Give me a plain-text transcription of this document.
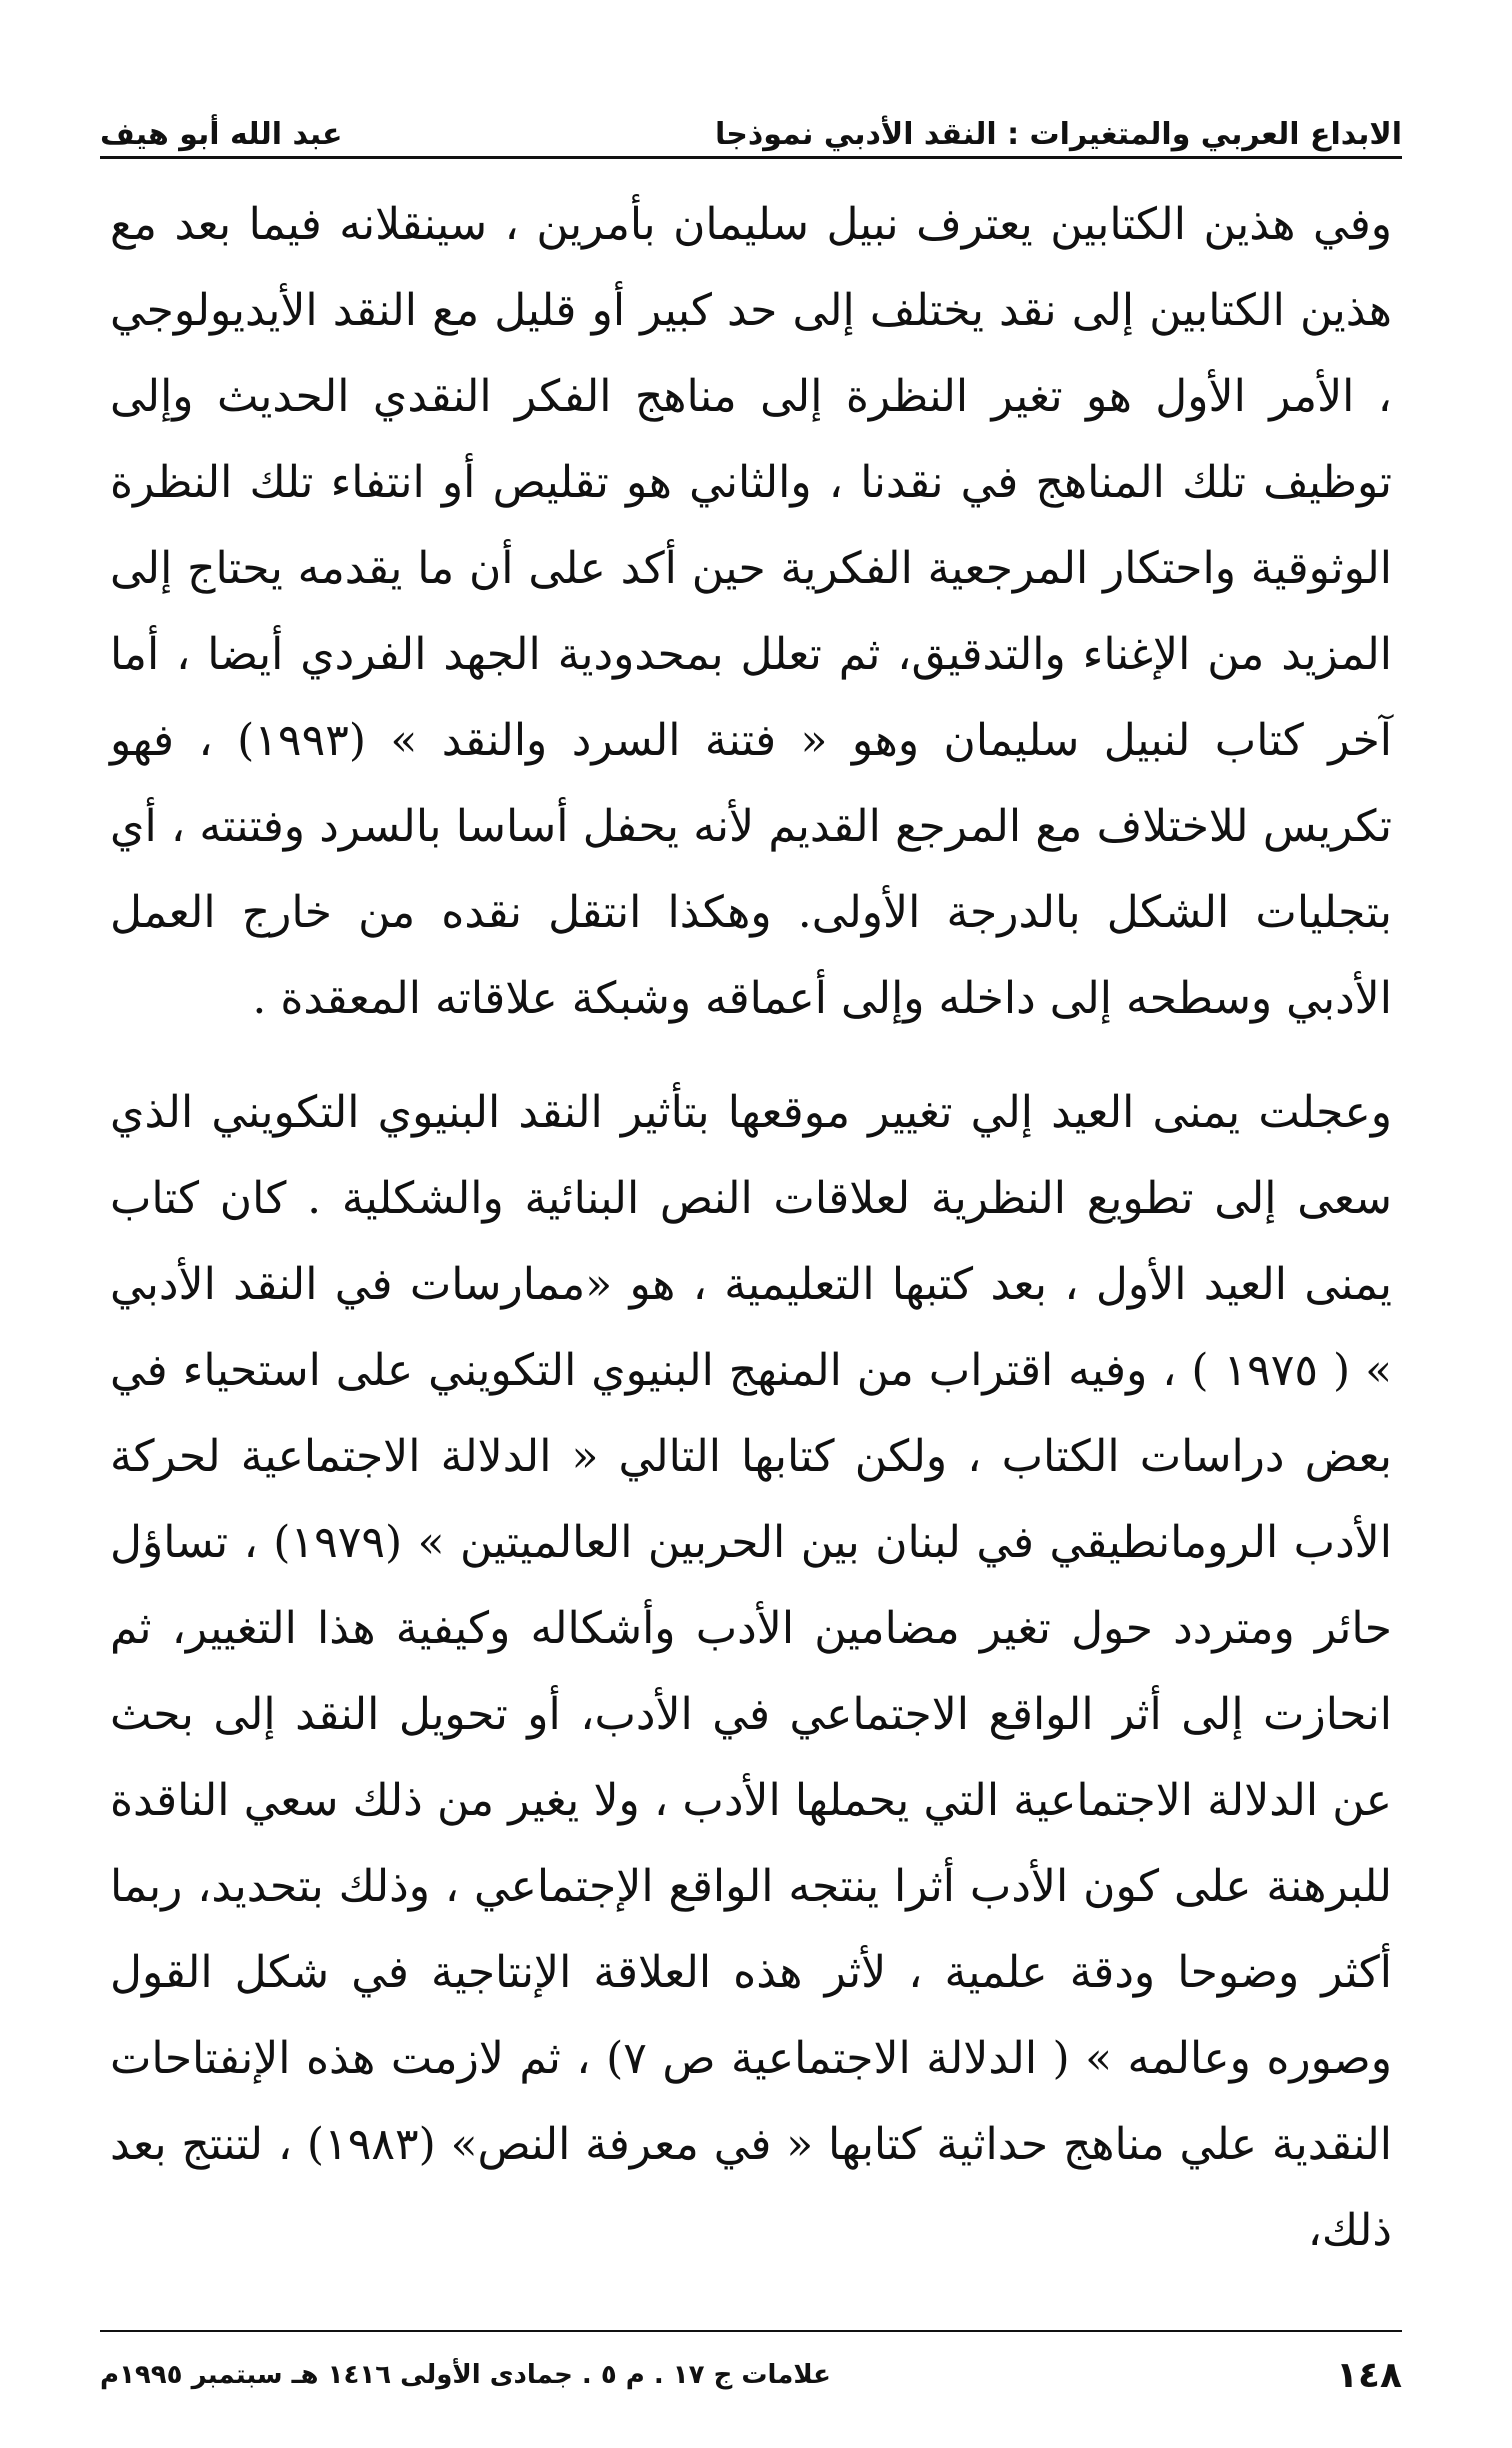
الابداع العربي والمتغيرات : النقد الأدبي نموذجا
عبد الله أبو هيف

وفي هذين الكتابين يعترف نبيل سليمان بأمرين ، سينقلانه فيما بعد مع هذين الكتابين إلى نقد يختلف إلى حد كبير أو قليل مع النقد الأيديولوجي ، الأمر الأول هو تغير النظرة إلى مناهج الفكر النقدي الحديث وإلى توظيف تلك المناهج في نقدنا ، والثاني هو تقليص أو انتفاء تلك النظرة الوثوقية واحتكار المرجعية الفكرية حين أكد على أن ما يقدمه يحتاج إلى المزيد من الإغناء والتدقيق، ثم تعلل بمحدودية الجهد الفردي أيضا ، أما آخر كتاب لنبيل سليمان وهو « فتنة السرد والنقد » (١٩٩٣) ، فهو تكريس للاختلاف مع المرجع القديم لأنه يحفل أساسا بالسرد وفتنته ، أي بتجليات الشكل بالدرجة الأولى. وهكذا انتقل نقده من خارج العمل الأدبي وسطحه إلى داخله وإلى أعماقه وشبكة علاقاته المعقدة .

وعجلت يمنى العيد إلي تغيير موقعها بتأثير النقد البنيوي التكويني الذي سعى إلى تطويع النظرية لعلاقات النص البنائية والشكلية . كان كتاب يمنى العيد الأول ، بعد كتبها التعليمية ، هو «ممارسات في النقد الأدبي » ( ١٩٧٥ ) ، وفيه اقتراب من المنهج البنيوي التكويني على استحياء في بعض دراسات الكتاب ، ولكن كتابها التالي « الدلالة الاجتماعية لحركة الأدب الرومانطيقي في لبنان بين الحربين العالميتين » (١٩٧٩) ، تساؤل حائر ومتردد حول تغير مضامين الأدب وأشكاله وكيفية هذا التغيير، ثم انحازت إلى أثر الواقع الاجتماعي في الأدب، أو تحويل النقد إلى بحث عن الدلالة الاجتماعية التي يحملها الأدب ، ولا يغير من ذلك سعي الناقدة للبرهنة على كون الأدب أثرا ينتجه الواقع الإجتماعي ، وذلك بتحديد، ربما أكثر وضوحا ودقة علمية ، لأثر هذه العلاقة الإنتاجية في شكل القول وصوره وعالمه » ( الدلالة الاجتماعية ص ٧) ، ثم لازمت هذه الإنفتاحات النقدية علي مناهج حداثية كتابها « في معرفة النص» (١٩٨٣) ، لتنتج بعد ذلك،

١٤٨
علامات ج ١٧ . م ٥ . جمادى الأولى ١٤١٦ هـ سبتمبر ١٩٩٥م
